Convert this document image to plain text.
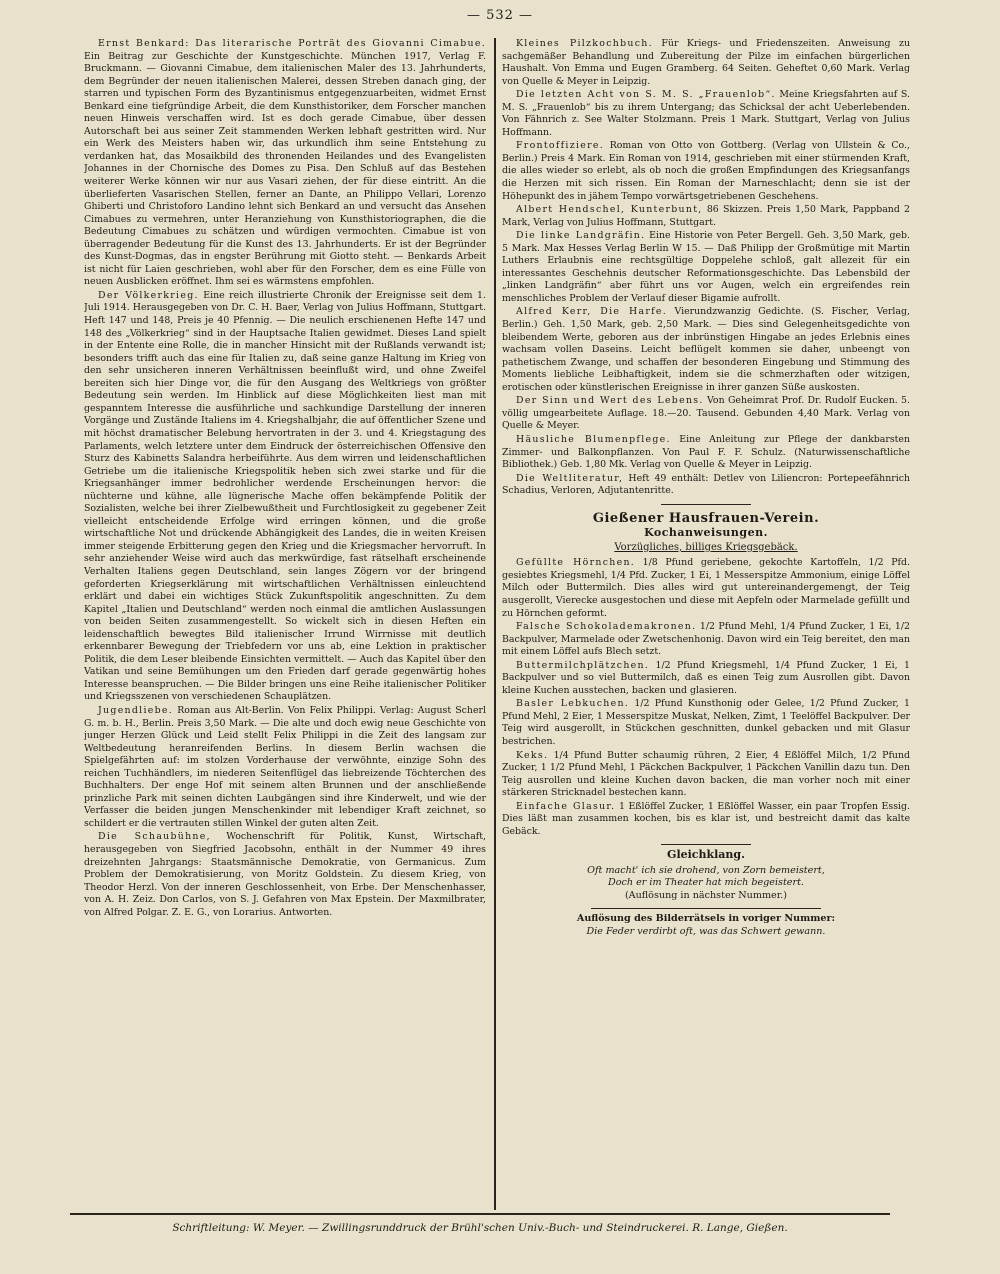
— 532 —

Ernst Benkard: Das literarische Porträt des Giovanni Cimabue. Ein Beitrag zur Geschichte der Kunstgeschichte. München 1917, Verlag F. Bruckmann. — Giovanni Cimabue, dem italienischen Maler des 13. Jahrhunderts, dem Begründer der neuen italienischen Malerei, dessen Streben danach ging, der starren und typischen Form des Byzantinismus entgegenzuarbeiten, widmet Ernst Benkard eine tiefgründige Arbeit, die dem Kunsthistoriker, dem Forscher manchen neuen Hinweis verschaffen wird. Ist es doch gerade Cimabue, über dessen Autorschaft bei aus seiner Zeit stammenden Werken lebhaft gestritten wird. Nur ein Werk des Meisters haben wir, das urkundlich ihm seine Entstehung zu verdanken hat, das Mosaikbild des thronenden Heilandes und des Evangelisten Johannes in der Chornische des Domes zu Pisa. Den Schluß auf das Bestehen weiterer Werke können wir nur aus Vasari ziehen, der für diese eintritt. An die überlieferten Vasarischen Stellen, ferner an Dante, an Philippo Vellari, Lorenzo Ghiberti und Christoforo Landino lehnt sich Benkard an und versucht das Ansehen Cimabues zu vermehren, unter Heranziehung von Kunsthistoriographen, die die Bedeutung Cimabues zu schätzen und würdigen vermochten. Cimabue ist von überragender Bedeutung für die Kunst des 13. Jahrhunderts. Er ist der Begründer des Kunst-Dogmas, das in engster Berührung mit Giotto steht. — Benkards Arbeit ist nicht für Laien geschrieben, wohl aber für den Forscher, dem es eine Fülle von neuen Ausblicken eröffnet. Ihm sei es wärmstens empfohlen.

Der Völkerkrieg. Eine reich illustrierte Chronik der Ereignisse seit dem 1. Juli 1914. Herausgegeben von Dr. C. H. Baer, Verlag von Julius Hoffmann, Stuttgart. Heft 147 und 148, Preis je 40 Pfennig. — Die neulich erschienenen Hefte 147 und 148 des „Völkerkrieg“ sind in der Hauptsache Italien gewidmet. Dieses Land spielt in der Entente eine Rolle, die in mancher Hinsicht mit der Rußlands verwandt ist; besonders trifft auch das eine für Italien zu, daß seine ganze Haltung im Krieg von den sehr unsicheren inneren Verhältnissen beeinflußt wird, und ohne Zweifel bereiten sich hier Dinge vor, die für den Ausgang des Weltkriegs von größter Bedeutung sein werden. Im Hinblick auf diese Möglichkeiten liest man mit gespanntem Interesse die ausführliche und sachkundige Darstellung der inneren Vorgänge und Zustände Italiens im 4. Kriegshalbjahr, die auf öffentlicher Szene und mit höchst dramatischer Belebung hervortraten in der 3. und 4. Kriegstagung des Parlaments, welch letztere unter dem Eindruck der österreichischen Offensive den Sturz des Kabinetts Salandra herbeiführte. Aus dem wirren und leidenschaftlichen Getriebe um die italienische Kriegspolitik heben sich zwei starke und für die Kriegsanhänger immer bedrohlicher werdende Erscheinungen hervor: die nüchterne und kühne, alle lügnerische Mache offen bekämpfende Politik der Sozialisten, welche bei ihrer Zielbewußtheit und Furchtlosigkeit zu gegebener Zeit vielleicht entscheidende Erfolge wird erringen können, und die große wirtschaftliche Not und drückende Abhängigkeit des Landes, die in weiten Kreisen immer steigende Erbitterung gegen den Krieg und die Kriegsmacher hervorruft. In sehr anziehender Weise wird auch das merkwürdige, fast rätselhaft erscheinende Verhalten Italiens gegen Deutschland, sein langes Zögern vor der bringend geforderten Kriegserklärung mit wirtschaftlichen Verhältnissen einleuchtend erklärt und dabei ein wichtiges Stück Zukunftspolitik angeschnitten. Zu dem Kapitel „Italien und Deutschland“ werden noch einmal die amtlichen Auslassungen von beiden Seiten zusammengestellt. So wickelt sich in diesen Heften ein leidenschaftlich bewegtes Bild italienischer Irrund Wirrnisse mit deutlich erkennbarer Bewegung der Triebfedern vor uns ab, eine Lektion in praktischer Politik, die dem Leser bleibende Einsichten vermittelt. — Auch das Kapitel über den Vatikan und seine Bemühungen um den Frieden darf gerade gegenwärtig hohes Interesse beanspruchen. — Die Bilder bringen uns eine Reihe italienischer Politiker und Kriegsszenen von verschiedenen Schauplätzen.

Jugendliebe. Roman aus Alt-Berlin. Von Felix Philippi. Verlag: August Scherl G. m. b. H., Berlin. Preis 3,50 Mark. — Die alte und doch ewig neue Geschichte von junger Herzen Glück und Leid stellt Felix Philippi in die Zeit des langsam zur Weltbedeutung heranreifenden Berlins. In diesem Berlin wachsen die Spielgefährten auf: im stolzen Vorderhause der verwöhnte, einzige Sohn des reichen Tuchhändlers, im niederen Seitenflügel das liebreizende Töchterchen des Buchhalters. Der enge Hof mit seinem alten Brunnen und der anschließende prinzliche Park mit seinen dichten Laubgängen sind ihre Kinderwelt, und wie der Verfasser die beiden jungen Menschenkinder mit lebendiger Kraft zeichnet, so schildert er die vertrauten stillen Winkel der guten alten Zeit.

Die Schaubühne, Wochenschrift für Politik, Kunst, Wirtschaft, herausgegeben von Siegfried Jacobsohn, enthält in der Nummer 49 ihres dreizehnten Jahrgangs: Staatsmännische Demokratie, von Germanicus. Zum Problem der Demokratisierung, von Moritz Goldstein. Zu diesem Krieg, von Theodor Herzl. Von der inneren Geschlossenheit, von Erbe. Der Menschenhasser, von A. H. Zeiz. Don Carlos, von S. J. Gefahren von Max Epstein. Der Maxmilbrater, von Alfred Polgar. Z. E. G., von Lorarius. Antworten.

Kleines Pilzkochbuch. Für Kriegs- und Friedenszeiten. Anweisung zu sachgemäßer Behandlung und Zubereitung der Pilze im einfachen bürgerlichen Haushalt. Von Emma und Eugen Gramberg. 64 Seiten. Geheftet 0,60 Mark. Verlag von Quelle & Meyer in Leipzig.

Die letzten Acht von S. M. S. „Frauenlob“. Meine Kriegsfahrten auf S. M. S. „Frauenlob“ bis zu ihrem Untergang; das Schicksal der acht Ueberlebenden. Von Fähnrich z. See Walter Stolzmann. Preis 1 Mark. Stuttgart, Verlag von Julius Hoffmann.

Frontoffiziere. Roman von Otto von Gottberg. (Verlag von Ullstein & Co., Berlin.) Preis 4 Mark. Ein Roman von 1914, geschrieben mit einer stürmenden Kraft, die alles wieder so erlebt, als ob noch die großen Empfindungen des Kriegsanfangs die Herzen mit sich rissen. Ein Roman der Marneschlacht; denn sie ist der Höhepunkt des in jähem Tempo vorwärtsgetriebenen Geschehens.

Albert Hendschel, Kunterbunt, 86 Skizzen. Preis 1,50 Mark, Pappband 2 Mark, Verlag von Julius Hoffmann, Stuttgart.

Die linke Landgräfin. Eine Historie von Peter Bergell. Geh. 3,50 Mark, geb. 5 Mark. Max Hesses Verlag Berlin W 15. — Daß Philipp der Großmütige mit Martin Luthers Erlaubnis eine rechtsgültige Doppelehe schloß, galt allezeit für ein interessantes Geschehnis deutscher Reformationsgeschichte. Das Lebensbild der „linken Landgräfin“ aber führt uns vor Augen, welch ein ergreifendes rein menschliches Problem der Verlauf dieser Bigamie aufrollt.

Alfred Kerr, Die Harfe. Vierundzwanzig Gedichte. (S. Fischer, Verlag, Berlin.) Geh. 1,50 Mark, geb. 2,50 Mark. — Dies sind Gelegenheitsgedichte von bleibendem Werte, geboren aus der inbrünstigen Hingabe an jedes Erlebnis eines wachsam vollen Daseins. Leicht beflügelt kommen sie daher, unbeengt von pathetischem Zwange, und schaffen der besonderen Eingebung und Stimmung des Moments liebliche Leibhaftigkeit, indem sie die schmerzhaften oder witzigen, erotischen oder künstlerischen Ereignisse in ihrer ganzen Süße auskosten.

Der Sinn und Wert des Lebens. Von Geheimrat Prof. Dr. Rudolf Eucken. 5. völlig umgearbeitete Auflage. 18.—20. Tausend. Gebunden 4,40 Mark. Verlag von Quelle & Meyer.

Häusliche Blumenpflege. Eine Anleitung zur Pflege der dankbarsten Zimmer- und Balkonpflanzen. Von Paul F. F. Schulz. (Naturwissenschaftliche Bibliothek.) Geb. 1,80 Mk. Verlag von Quelle & Meyer in Leipzig.

Die Weltliteratur, Heft 49 enthält: Detlev von Liliencron: Portepeefähnrich Schadius, Verloren, Adjutantenritte.

Gießener Hausfrauen-Verein.
Kochanweisungen.
Vorzügliches, billiges Kriegsgebäck.

Gefüllte Hörnchen. 1/8 Pfund geriebene, gekochte Kartoffeln, 1/2 Pfd. gesiebtes Kriegsmehl, 1/4 Pfd. Zucker, 1 Ei, 1 Messerspitze Ammonium, einige Löffel Milch oder Buttermilch. Dies alles wird gut untereinandergemengt, der Teig ausgerollt, Vierecke ausgestochen und diese mit Aepfeln oder Marmelade gefüllt und zu Hörnchen geformt.

Falsche Schokolademakronen. 1/2 Pfund Mehl, 1/4 Pfund Zucker, 1 Ei, 1/2 Backpulver, Marmelade oder Zwetschenhonig. Davon wird ein Teig bereitet, den man mit einem Löffel aufs Blech setzt.

Buttermilchplätzchen. 1/2 Pfund Kriegsmehl, 1/4 Pfund Zucker, 1 Ei, 1 Backpulver und so viel Buttermilch, daß es einen Teig zum Ausrollen gibt. Davon kleine Kuchen ausstechen, backen und glasieren.

Basler Lebkuchen. 1/2 Pfund Kunsthonig oder Gelee, 1/2 Pfund Zucker, 1 Pfund Mehl, 2 Eier, 1 Messerspitze Muskat, Nelken, Zimt, 1 Teelöffel Backpulver. Der Teig wird ausgerollt, in Stückchen geschnitten, dunkel gebacken und mit Glasur bestrichen.

Keks. 1/4 Pfund Butter schaumig rühren, 2 Eier, 4 Eßlöffel Milch, 1/2 Pfund Zucker, 1 1/2 Pfund Mehl, 1 Päckchen Backpulver, 1 Päckchen Vanillin dazu tun. Den Teig ausrollen und kleine Kuchen davon backen, die man vorher noch mit einer stärkeren Stricknadel bestechen kann.

Einfache Glasur. 1 Eßlöffel Zucker, 1 Eßlöffel Wasser, ein paar Tropfen Essig. Dies läßt man zusammen kochen, bis es klar ist, und bestreicht damit das kalte Gebäck.

Gleichklang.
Oft macht' ich sie drohend, von Zorn bemeistert,
Doch er im Theater hat mich begeistert.
(Auflösung in nächster Nummer.)
Auflösung des Bilderrätsels in voriger Nummer:
Die Feder verdirbt oft, was das Schwert gewann.
Schriftleitung: W. Meyer. — Zwillingsrunddruck der Brühl'schen Univ.-Buch- und Steindruckerei. R. Lange, Gießen.
